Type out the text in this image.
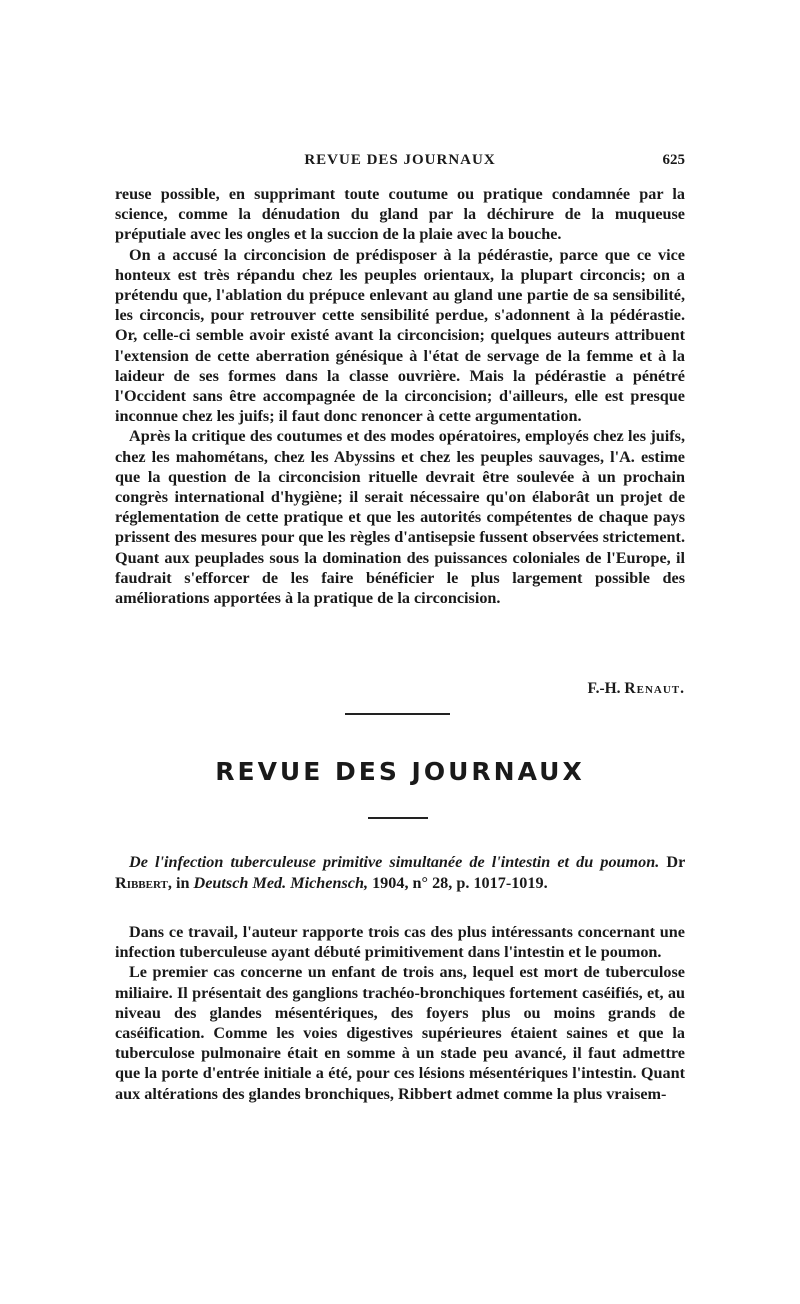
REVUE DES JOURNAUX	625

reuse possible, en supprimant toute coutume ou pratique condamnée par la science, comme la dénudation du gland par la déchirure de la muqueuse préputiale avec les ongles et la succion de la plaie avec la bouche.

On a accusé la circoncision de prédisposer à la pédérastie, parce que ce vice honteux est très répandu chez les peuples orientaux, la plupart circoncis; on a prétendu que, l'ablation du prépuce enlevant au gland une partie de sa sensibilité, les circoncis, pour retrouver cette sensibilité perdue, s'adonnent à la pédérastie. Or, celle-ci semble avoir existé avant la circoncision; quelques auteurs attribuent l'extension de cette aberration génésique à l'état de servage de la femme et à la laideur de ses formes dans la classe ouvrière. Mais la pédérastie a pénétré l'Occident sans être accompagnée de la circoncision; d'ailleurs, elle est presque inconnue chez les juifs; il faut donc renoncer à cette argumentation.

Après la critique des coutumes et des modes opératoires, employés chez les juifs, chez les mahométans, chez les Abyssins et chez les peuples sauvages, l'A. estime que la question de la circoncision rituelle devrait être soulevée à un prochain congrès international d'hygiène; il serait nécessaire qu'on élaborât un projet de réglementation de cette pratique et que les autorités compétentes de chaque pays prissent des mesures pour que les règles d'antisepsie fussent observées strictement. Quant aux peuplades sous la domination des puissances coloniales de l'Europe, il faudrait s'efforcer de les faire bénéficier le plus largement possible des améliorations apportées à la pratique de la circoncision.

F.-H. Renaut.
REVUE DES JOURNAUX
De l'infection tuberculeuse primitive simultanée de l'intestin et du poumon. Dr Ribbert, in Deutsch Med. Michensch, 1904, n° 28, p. 1017-1019.

Dans ce travail, l'auteur rapporte trois cas des plus intéressants concernant une infection tuberculeuse ayant débuté primitivement dans l'intestin et le poumon.

Le premier cas concerne un enfant de trois ans, lequel est mort de tuberculose miliaire. Il présentait des ganglions trachéo-bronchiques fortement caséifiés, et, au niveau des glandes mésentériques, des foyers plus ou moins grands de caséification. Comme les voies digestives supérieures étaient saines et que la tuberculose pulmonaire était en somme à un stade peu avancé, il faut admettre que la porte d'entrée initiale a été, pour ces lésions mésentériques l'intestin. Quant aux altérations des glandes bronchiques, Ribbert admet comme la plus vraisem-
